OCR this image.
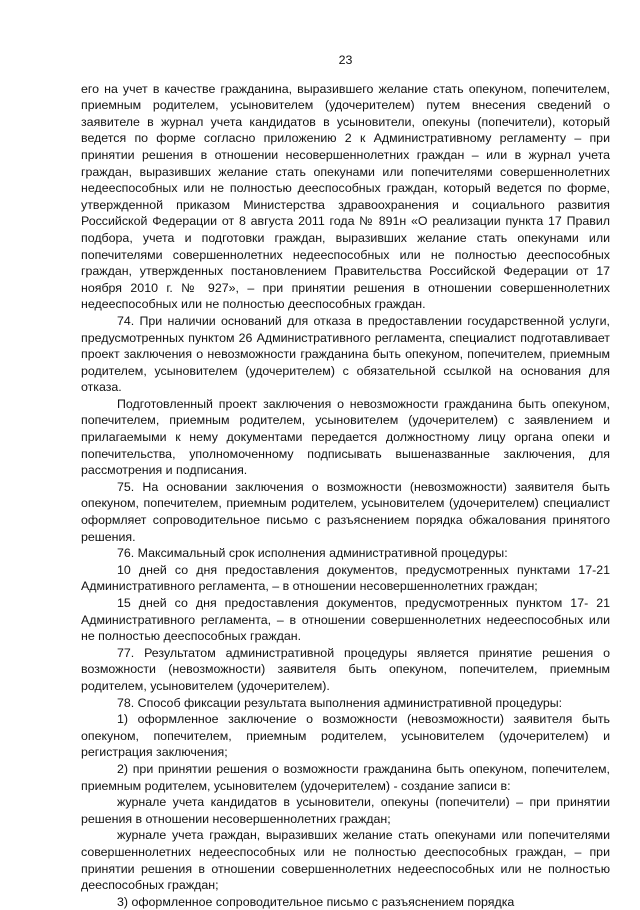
23

его на учет в качестве гражданина, выразившего желание стать опекуном, попечителем, приемным родителем, усыновителем (удочерителем) путем внесения сведений о заявителе в журнал учета кандидатов в усыновители, опекуны (попечители), который ведется по форме согласно приложению 2 к Административному регламенту – при принятии решения в отношении несовершеннолетних граждан – или в журнал учета граждан, выразивших желание стать опекунами или попечителями совершеннолетних недееспособных или не полностью дееспособных граждан, который ведется по форме, утвержденной приказом Министерства здравоохранения и социального развития Российской Федерации от 8 августа 2011 года № 891н «О реализации пункта 17 Правил подбора, учета и подготовки граждан, выразивших желание стать опекунами или попечителями совершеннолетних недееспособных или не полностью дееспособных граждан, утвержденных постановлением Правительства Российской Федерации от 17 ноября 2010 г. № 927», – при принятии решения в отношении совершеннолетних недееспособных или не полностью дееспособных граждан.

74. При наличии оснований для отказа в предоставлении государственной услуги, предусмотренных пунктом 26 Административного регламента, специалист подготавливает проект заключения о невозможности гражданина быть опекуном, попечителем, приемным родителем, усыновителем (удочерителем) с обязательной ссылкой на основания для отказа.

Подготовленный проект заключения о невозможности гражданина быть опекуном, попечителем, приемным родителем, усыновителем (удочерителем) с заявлением и прилагаемыми к нему документами передается должностному лицу органа опеки и попечительства, уполномоченному подписывать вышеназванные заключения, для рассмотрения и подписания.

75. На основании заключения о возможности (невозможности) заявителя быть опекуном, попечителем, приемным родителем, усыновителем (удочерителем) специалист оформляет сопроводительное письмо с разъяснением порядка обжалования принятого решения.

76. Максимальный срок исполнения административной процедуры:

10 дней со дня предоставления документов, предусмотренных пунктами 17-21 Административного регламента, – в отношении несовершеннолетних граждан;

15 дней со дня предоставления документов, предусмотренных пунктом 17- 21 Административного регламента, – в отношении совершеннолетних недееспособных или не полностью дееспособных граждан.

77. Результатом административной процедуры является принятие решения о возможности (невозможности) заявителя быть опекуном, попечителем, приемным родителем, усыновителем (удочерителем).

78. Способ фиксации результата выполнения административной процедуры:

1) оформленное заключение о возможности (невозможности) заявителя быть опекуном, попечителем, приемным родителем, усыновителем (удочерителем) и регистрация заключения;

2) при принятии решения о возможности гражданина быть опекуном, попечителем, приемным родителем, усыновителем (удочерителем) - создание записи в:

журнале учета кандидатов в усыновители, опекуны (попечители) – при принятии решения в отношении несовершеннолетних граждан;

журнале учета граждан, выразивших желание стать опекунами или попечителями совершеннолетних недееспособных или не полностью дееспособных граждан, – при принятии решения в отношении совершеннолетних недееспособных или не полностью дееспособных граждан;

3) оформленное сопроводительное письмо с разъяснением порядка
